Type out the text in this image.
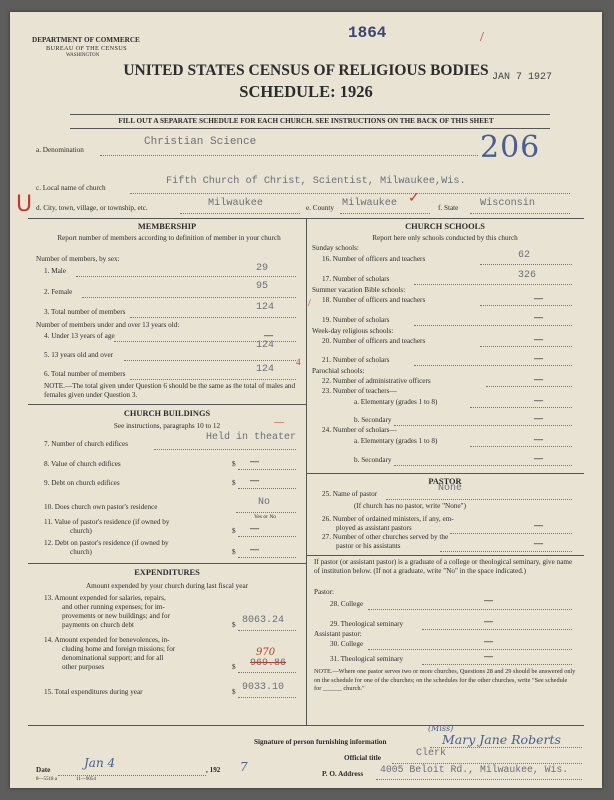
DEPARTMENT OF COMMERCE
BUREAU OF THE CENSUS
WASHINGTON
1864
JAN 7 1927
UNITED STATES CENSUS OF RELIGIOUS BODIES
SCHEDULE: 1926
FILL OUT A SEPARATE SCHEDULE FOR EACH CHURCH. SEE INSTRUCTIONS ON THE BACK OF THIS SHEET
a. Denomination
Christian Science	206
c. Local name of church
Fifth Church of Christ, Scientist, Milwaukee,Wis.
U d. City, town, village, or township, etc.	Milwaukee	e. County Milwaukee ✓
f. State Wisconsin
MEMBERSHIP
Report number of members according to definition of member in your church
Number of members, by sex:
1. Male	29
2. Female	95
3. Total number of members	124
Number of members under and over 13 years old:
4. Under 13 years of age	—
5. 13 years old and over
124
6. Total number of members	124
NOTE.—The total given under Question 6 should be the same as the total of males and females given under Question 3.
CHURCH BUILDINGS
See instructions, paragraphs 10 to 12	—
7. Number of church edifices
Held in theater
8. Value of church edifices	$ —
9. Debt on church edifices	$ —
10. Does church own pastor's residence	No
Yes or No
11. Value of pastor's residence (if owned by
church)	$ —
12. Debt on pastor's residence (if owned by
church)	$ —
EXPENDITURES
Amount expended by your church during last fiscal year
13. Amount expended for salaries, repairs,
and other running expenses; for im-
provements or new buildings; and for
payments on church debt	$ 8063.24
14. Amount expended for benevolences, in-
cluding home and foreign missions; for
denominational support; and for all
other purposes	$
970
969.86
15. Total expenditures during year	$ 9033.10
CHURCH SCHOOLS
Report here only schools conducted by this church
Sunday schools:
16. Number of officers and teachers	62
17. Number of scholars	326
Summer vacation Bible schools:
18. Number of officers and teachers	—
19. Number of scholars	—
Week-day religious schools:
20. Number of officers and teachers	—
21. Number of scholars	—
Parochial schools:
22. Number of administrative officers	—
23. Number of teachers—
a. Elementary (grades 1 to 8)	—
b. Secondary	—
24. Number of scholars—
a. Elementary (grades 1 to 8)	—
b. Secondary	—
PASTOR
25. Name of pastor	None
(If church has no pastor, write "None")
26. Number of ordained ministers, if any, em-
ployed as assistant pastors	—
27. Number of other churches served by the
pastor or his assistants	—
If pastor (or assistant pastor) is a graduate of a college or theological seminary, give name of institution below. (If not a graduate, write "No" in the space indicated.)
Pastor:
28. College	—
29. Theological seminary	—
Assistant pastor:
30. College	—
31. Theological seminary	—
NOTE.—Where one pastor serves two or more churches, Questions 28 and 29 should be answered only on the schedule for one of the churches; on the schedules for the other churches, write "See schedule for ______ church."
Signature of person furnishing information
(Miss)
Mary Jane Roberts
Official title	Clerk
Date	Jan 4	, 192 7
8—5518 a	11—9054
P. O. Address 4005 Beloit Rd., Milwaukee, Wis.
/
4
/
